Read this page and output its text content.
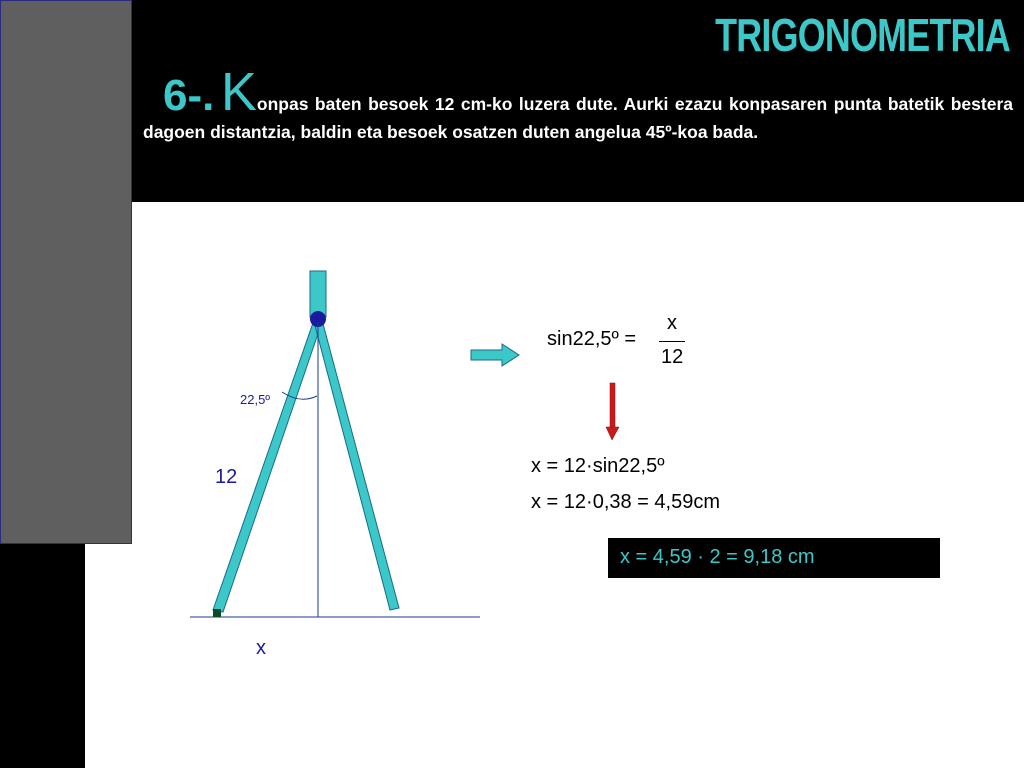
TRIGONOMETRIA
6-. Konpas baten besoek 12 cm-ko luzera dute. Aurki ezazu konpasaren punta batetik bestera dagoen distantzia, baldin eta besoek osatzen duten angelua 45º-koa bada.
22,5º
12
x
sin22,5º =
x
12
x = 12·sin22,5º
x = 12·0,38 = 4,59cm
x = 4,59 · 2 = 9,18 cm
